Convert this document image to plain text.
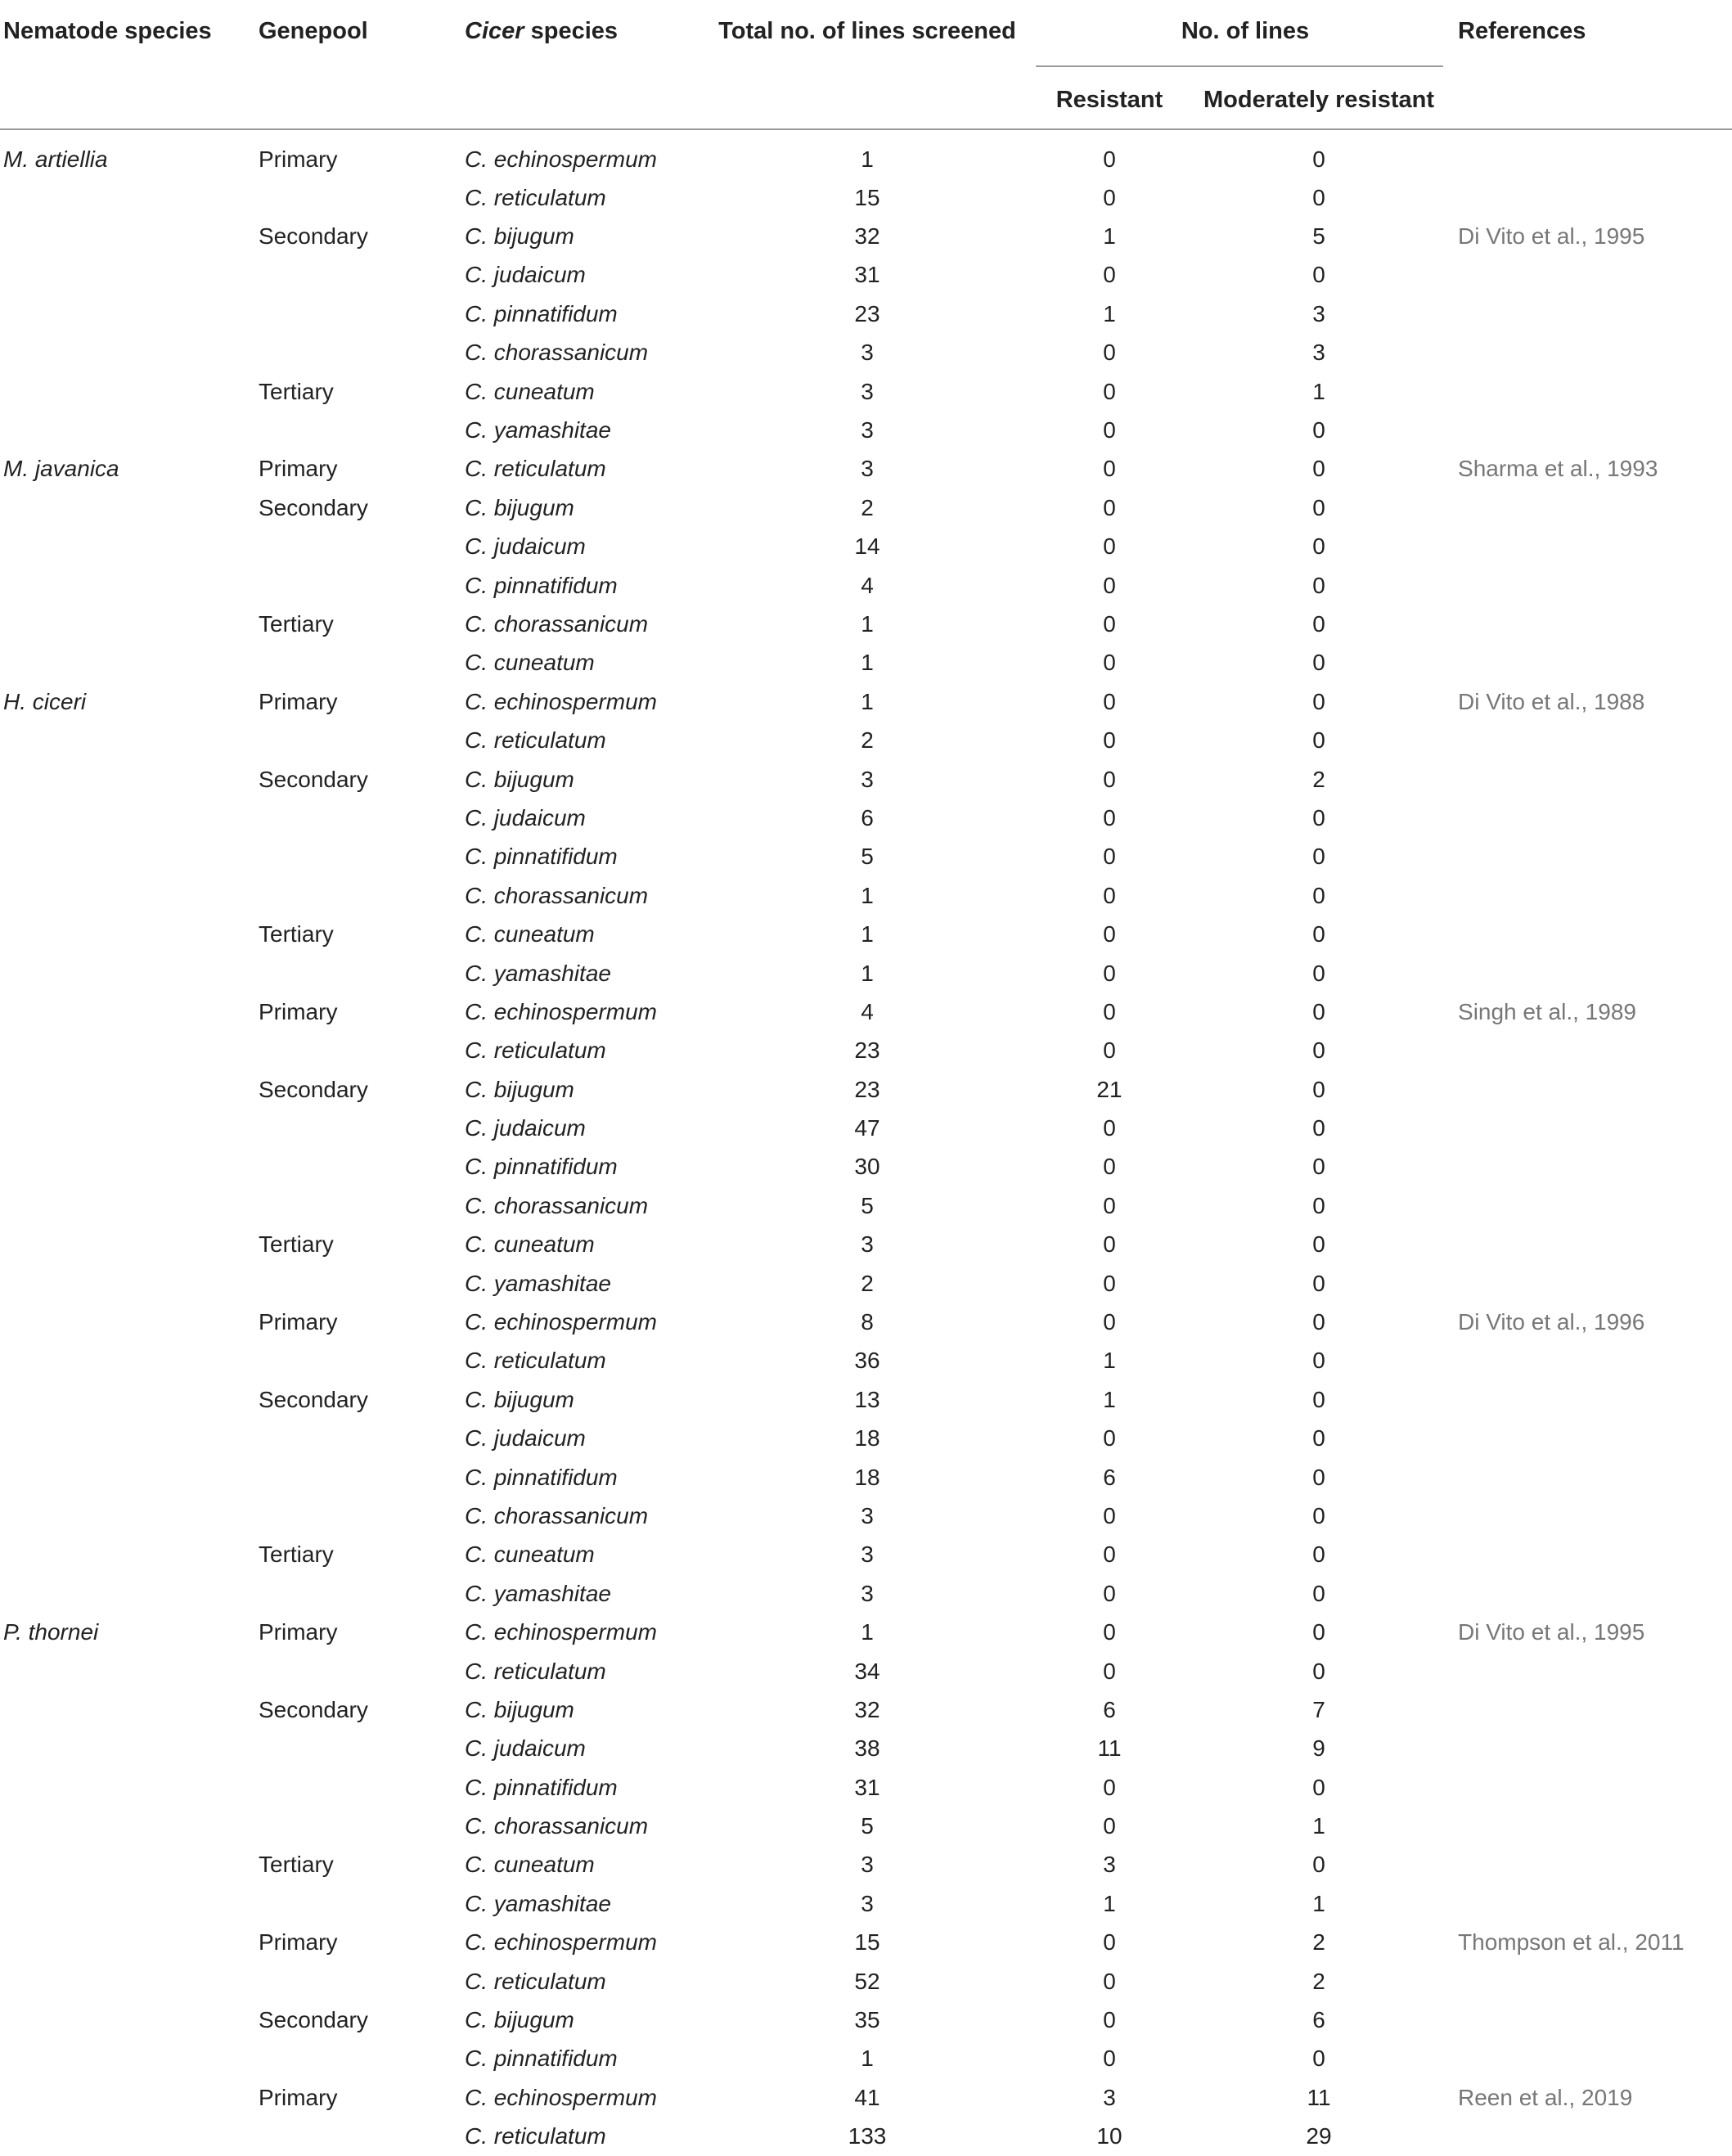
Nematode species	Genepool	Cicer species	Total no. of lines screened	No. of lines		References
				Resistant	Moderately resistant	
M. artiellia	Primary	C. echinospermum	1	0	0	
		C. reticulatum	15	0	0	
	Secondary	C. bijugum	32	1	5	Di Vito et al., 1995
		C. judaicum	31	0	0	
		C. pinnatifidum	23	1	3	
		C. chorassanicum	3	0	3	
	Tertiary	C. cuneatum	3	0	1	
		C. yamashitae	3	0	0	
M. javanica	Primary	C. reticulatum	3	0	0	Sharma et al., 1993
	Secondary	C. bijugum	2	0	0	
		C. judaicum	14	0	0	
		C. pinnatifidum	4	0	0	
	Tertiary	C. chorassanicum	1	0	0	
		C. cuneatum	1	0	0	
H. ciceri	Primary	C. echinospermum	1	0	0	Di Vito et al., 1988
		C. reticulatum	2	0	0	
	Secondary	C. bijugum	3	0	2	
		C. judaicum	6	0	0	
		C. pinnatifidum	5	0	0	
		C. chorassanicum	1	0	0	
	Tertiary	C. cuneatum	1	0	0	
		C. yamashitae	1	0	0	
	Primary	C. echinospermum	4	0	0	Singh et al., 1989
		C. reticulatum	23	0	0	
	Secondary	C. bijugum	23	21	0	
		C. judaicum	47	0	0	
		C. pinnatifidum	30	0	0	
		C. chorassanicum	5	0	0	
	Tertiary	C. cuneatum	3	0	0	
		C. yamashitae	2	0	0	
	Primary	C. echinospermum	8	0	0	Di Vito et al., 1996
		C. reticulatum	36	1	0	
	Secondary	C. bijugum	13	1	0	
		C. judaicum	18	0	0	
		C. pinnatifidum	18	6	0	
		C. chorassanicum	3	0	0	
	Tertiary	C. cuneatum	3	0	0	
		C. yamashitae	3	0	0	
P. thornei	Primary	C. echinospermum	1	0	0	Di Vito et al., 1995
		C. reticulatum	34	0	0	
	Secondary	C. bijugum	32	6	7	
		C. judaicum	38	11	9	
		C. pinnatifidum	31	0	0	
		C. chorassanicum	5	0	1	
	Tertiary	C. cuneatum	3	3	0	
		C. yamashitae	3	1	1	
	Primary	C. echinospermum	15	0	2	Thompson et al., 2011
		C. reticulatum	52	0	2	
	Secondary	C. bijugum	35	0	6	
		C. pinnatifidum	1	0	0	
	Primary	C. echinospermum	41	3	11	Reen et al., 2019
		C. reticulatum	133	10	29	
